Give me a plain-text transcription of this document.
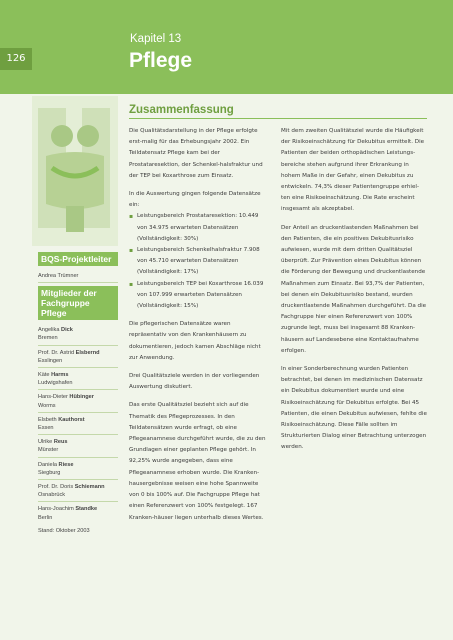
126
Kapitel 13
Pflege
Zusammenfassung
BQS-Projektleiter
Andrea Trümner
Mitglieder der
Fachgruppe Pflege
Angelika Dick
Bremen
Prof. Dr. Astrid Elsbernd
Esslingen
Käte Harms
Ludwigshafen
Hans-Dieter Hübinger
Worms
Elsbeth Kauthorst
Essen
Ulrike Reus
Münster
Daniela Riese
Siegburg
Prof. Dr. Doris Schiemann
Osnabrück
Hans-Joachim Standke
Berlin
Stand: Oktober 2003

Die Qualitätsdarstellung in der Pflege erfolgte erst-malig für das Erhebungsjahr 2002. Ein Teildatensatz Pflege kam bei der Prostataresektion, der Schenkel-halsfraktur und der TEP bei Koxarthrose zum Einsatz.

In die Auswertung gingen folgende Datensätze ein:

▪ Leistungsbereich Prostataresektion: 10.449 von 34.975 erwarteten Datensätzen (Vollständigkeit: 30%)
▪ Leistungsbereich Schenkelhalsfraktur 7.908 von 45.710 erwarteten Datensätzen (Vollständigkeit: 17%)
▪ Leistungsbereich TEP bei Koxarthrose 16.039 von 107.999 erwarteten Datensätzen (Vollständigkeit: 15%)

Die pflegerischen Datensätze waren repräsentativ von den Krankenhäusern zu dokumentieren, jedoch kamen Abschläge nicht zur Anwendung.

Drei Qualitätsziele werden in der vorliegenden Auswertung diskutiert.

Das erste Qualitätsziel bezieht sich auf die Thematik des Pflegeprozesses. In den Teildatensätzen wurde erfragt, ob eine Pflegeanamnese durchgeführt wurde, die zu den Grundlagen einer geplanten Pflege gehört. In 92,25% wurde angegeben, dass eine Pflegeanamnese erhoben wurde. Die Kranken-hausergebnisse weisen eine hohe Spannweite von 0 bis 100% auf. Die Fachgruppe Pflege hat einen Referenzwert von 100% festgelegt. 167 Kranken-häuser liegen unterhalb dieses Wertes.

Mit dem zweiten Qualitätsziel wurde die Häufigkeit der Risikoeinschätzung für Dekubitus ermittelt. Die Patienten der beiden orthopädischen Leistungs-bereiche stehen aufgrund ihrer Erkrankung in hohem Maße in der Gefahr, einen Dekubitus zu entwickeln. 74,3% dieser Patientengruppe erhiel-ten eine Risikoeinschätzung. Die Rate erscheint insgesamt als akzeptabel.

Der Anteil an druckentlastenden Maßnahmen bei den Patienten, die ein positives Dekubitusrisiko aufwiesen, wurde mit dem dritten Qualitätsziel überprüft. Zur Prävention eines Dekubitus können die Förderung der Bewegung und druckentlastende Maßnahmen zum Einsatz. Bei 93,7% der Patienten, bei denen ein Dekubitusrisiko bestand, wurden druckentlastende Maßnahmen durchgeführt. Da die Fachgruppe hier einen Referenzwert von 100% zugrunde legt, muss bei insgesamt 88 Kranken-häusern auf Landesebene eine Kontaktaufnahme erfolgen.

In einer Sonderberechnung wurden Patienten betrachtet, bei denen im medizinischen Datensatz ein Dekubitus dokumentiert wurde und eine Risikoeinschätzung für Dekubitus erfolgte. Bei 45 Patienten, die einen Dekubitus aufwiesen, fehlte die Risikoeinschätzung. Diese Fälle sollten im Strukturierten Dialog einer Betrachtung unterzogen werden.
